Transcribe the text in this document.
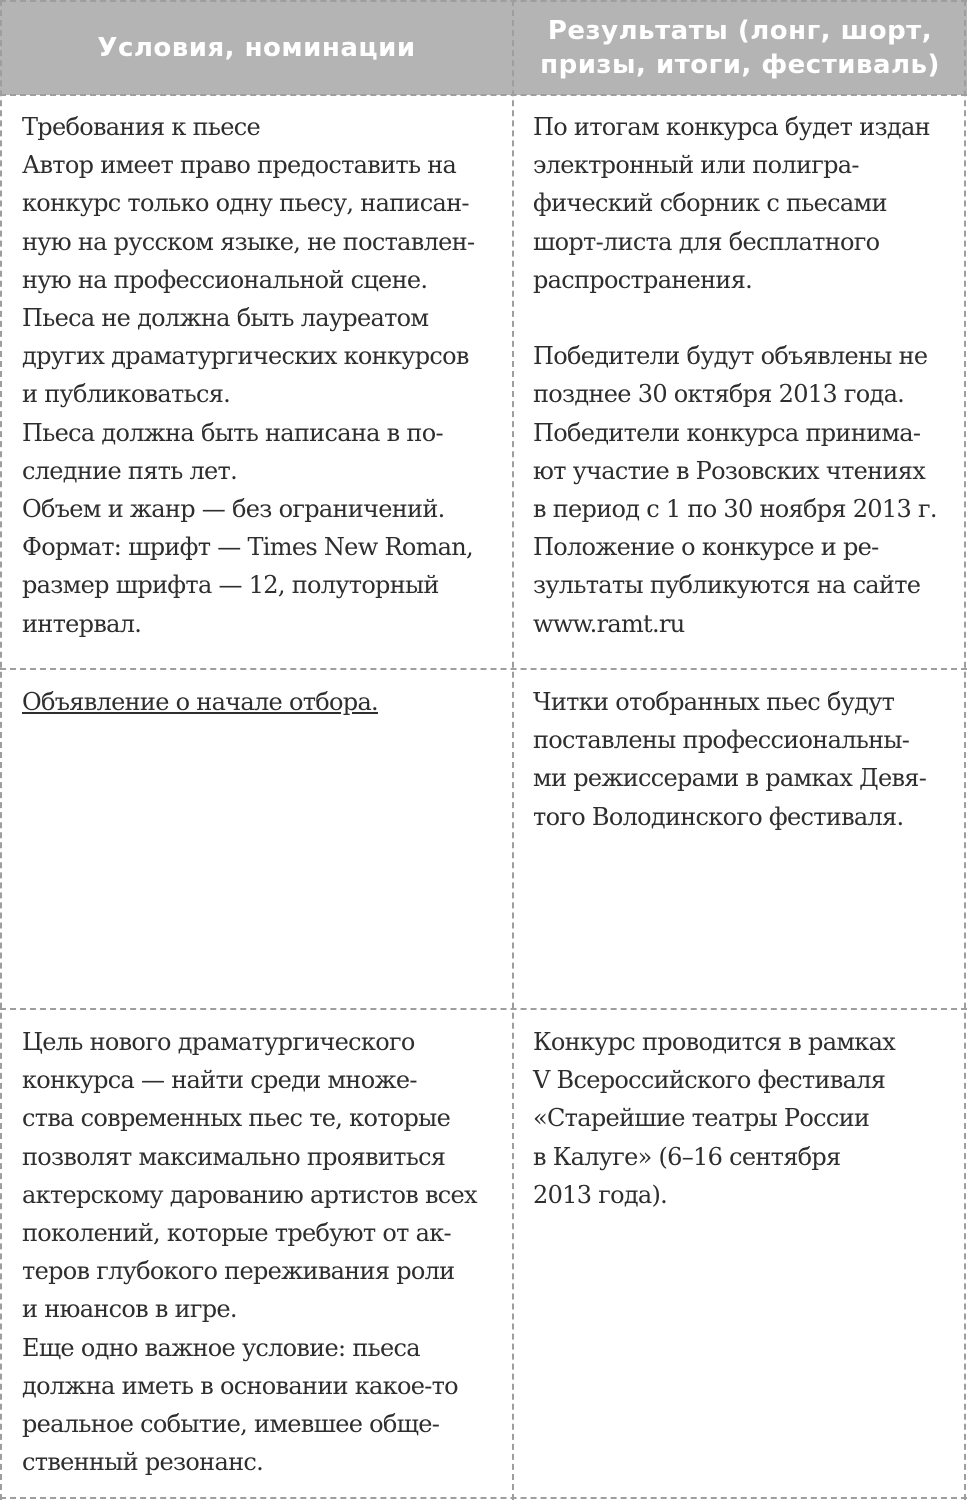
Условия, номинации
Результаты (лонг, шорт,
призы, итоги, фестиваль)
Требования к пьесе
Автор имеет право предоставить на
конкурс только одну пьесу, написан-
ную на русском языке, не поставлен-
ную на профессиональной сцене.
Пьеса не должна быть лауреатом
других драматургических конкурсов
и публиковаться.
Пьеса должна быть написана в по-
следние пять лет.
Объем и жанр — без ограничений.
Формат: шрифт — Times New Roman,
размер шрифта — 12, полуторный
интервал.
По итогам конкурса будет издан
электронный или полигра-
фический сборник с пьесами
шорт-листа для бесплатного
распространения.
Победители будут объявлены не
позднее 30 октября 2013 года.
Победители конкурса принима-
ют участие в Розовских чтениях
в период с 1 по 30 ноября 2013 г.
Положение о конкурсе и ре-
зультаты публикуются на сайте
www.ramt.ru
Объявление о начале отбора.	Читки отобранных пьес будут
поставлены профессиональны-
ми режиссерами в рамках Девя-
того Володинского фестиваля.
Цель нового драматургического
конкурса — найти среди множе-
ства современных пьес те, которые
позволят максимально проявиться
актерскому дарованию артистов всех
поколений, которые требуют от ак-
теров глубокого переживания роли
и нюансов в игре.
Еще одно важное условие: пьеса
должна иметь в основании какое-то
реальное событие, имевшее обще-
ственный резонанс.
Конкурс проводится в рамках
V Всероссийского фестиваля
«Старейшие театры России
в Калуге» (6–16 сентября
2013 года).
